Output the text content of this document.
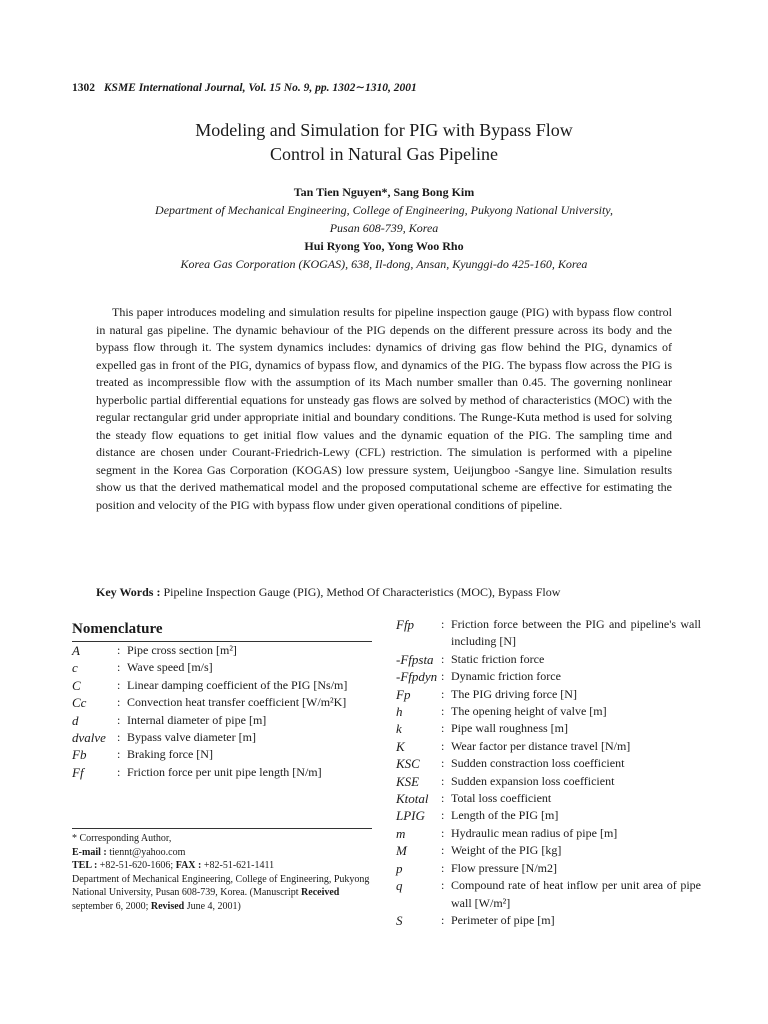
1302 KSME International Journal, Vol. 15 No. 9, pp. 1302∼1310, 2001
Modeling and Simulation for PIG with Bypass Flow
Control in Natural Gas Pipeline
Tan Tien Nguyen*, Sang Bong Kim
Department of Mechanical Engineering, College of Engineering, Pukyong National University,
Pusan 608-739, Korea
Hui Ryong Yoo, Yong Woo Rho
Korea Gas Corporation (KOGAS), 638, Il-dong, Ansan, Kyunggi-do 425-160, Korea

This paper introduces modeling and simulation results for pipeline inspection gauge (PIG) with bypass flow control in natural gas pipeline. The dynamic behaviour of the PIG depends on the different pressure across its body and the bypass flow through it. The system dynamics includes: dynamics of driving gas flow behind the PIG, dynamics of expelled gas in front of the PIG, dynamics of bypass flow, and dynamics of the PIG. The bypass flow across the PIG is treated as incompressible flow with the assumption of its Mach number smaller than 0.45. The governing nonlinear hyperbolic partial differential equations for unsteady gas flows are solved by method of characteristics (MOC) with the regular rectangular grid under appropriate initial and boundary conditions. The Runge-Kuta method is used for solving the steady flow equations to get initial flow values and the dynamic equation of the PIG. The sampling time and distance are chosen under Courant-Friedrich-Lewy (CFL) restriction. The simulation is performed with a pipeline segment in the Korea Gas Corporation (KOGAS) low pressure system, Ueijungboo -Sangye line. Simulation results show us that the derived mathematical model and the proposed computational scheme are effective for estimating the position and velocity of the PIG with bypass flow under given operational conditions of pipeline.

Key Words : Pipeline Inspection Gauge (PIG), Method Of Characteristics (MOC), Bypass Flow
Nomenclature
A	: Pipe cross section [m²]
c	: Wave speed [m/s]
C	: Linear damping coefficient of the PIG [Ns/m]
Cc	: Convection heat transfer coefficient [W/m²K]
d	: Internal diameter of pipe [m]
dvalve : Bypass valve diameter [m]
Fb	: Braking force [N]
Ff	: Friction force per unit pipe length [N/m]
Ffp	: Friction force between the PIG and pipeline's wall including [N]
-Ffpsta : Static friction force
-Ffpdyn : Dynamic friction force
Fp	: The PIG driving force [N]
h	: The opening height of valve [m]
k	: Pipe wall roughness [m]
K	: Wear factor per distance travel [N/m]
KSC	: Sudden constraction loss coefficient
KSE	: Sudden expansion loss coefficient
Ktotal	: Total loss coefficient
LPIG	: Length of the PIG [m]
m	: Hydraulic mean radius of pipe [m]
M	: Weight of the PIG [kg]
p	: Flow pressure [N/m2]
q	: Compound rate of heat inflow per unit area of pipe wall [W/m²]
S	: Perimeter of pipe [m]
* Corresponding Author,
E-mail : tiennt@yahoo.com
TEL : +82-51-620-1606; FAX : +82-51-621-1411
Department of Mechanical Engineering, College of Engineering, Pukyong National University, Pusan 608-739, Korea. (Manuscript Received september 6, 2000; Revised June 4, 2001)
